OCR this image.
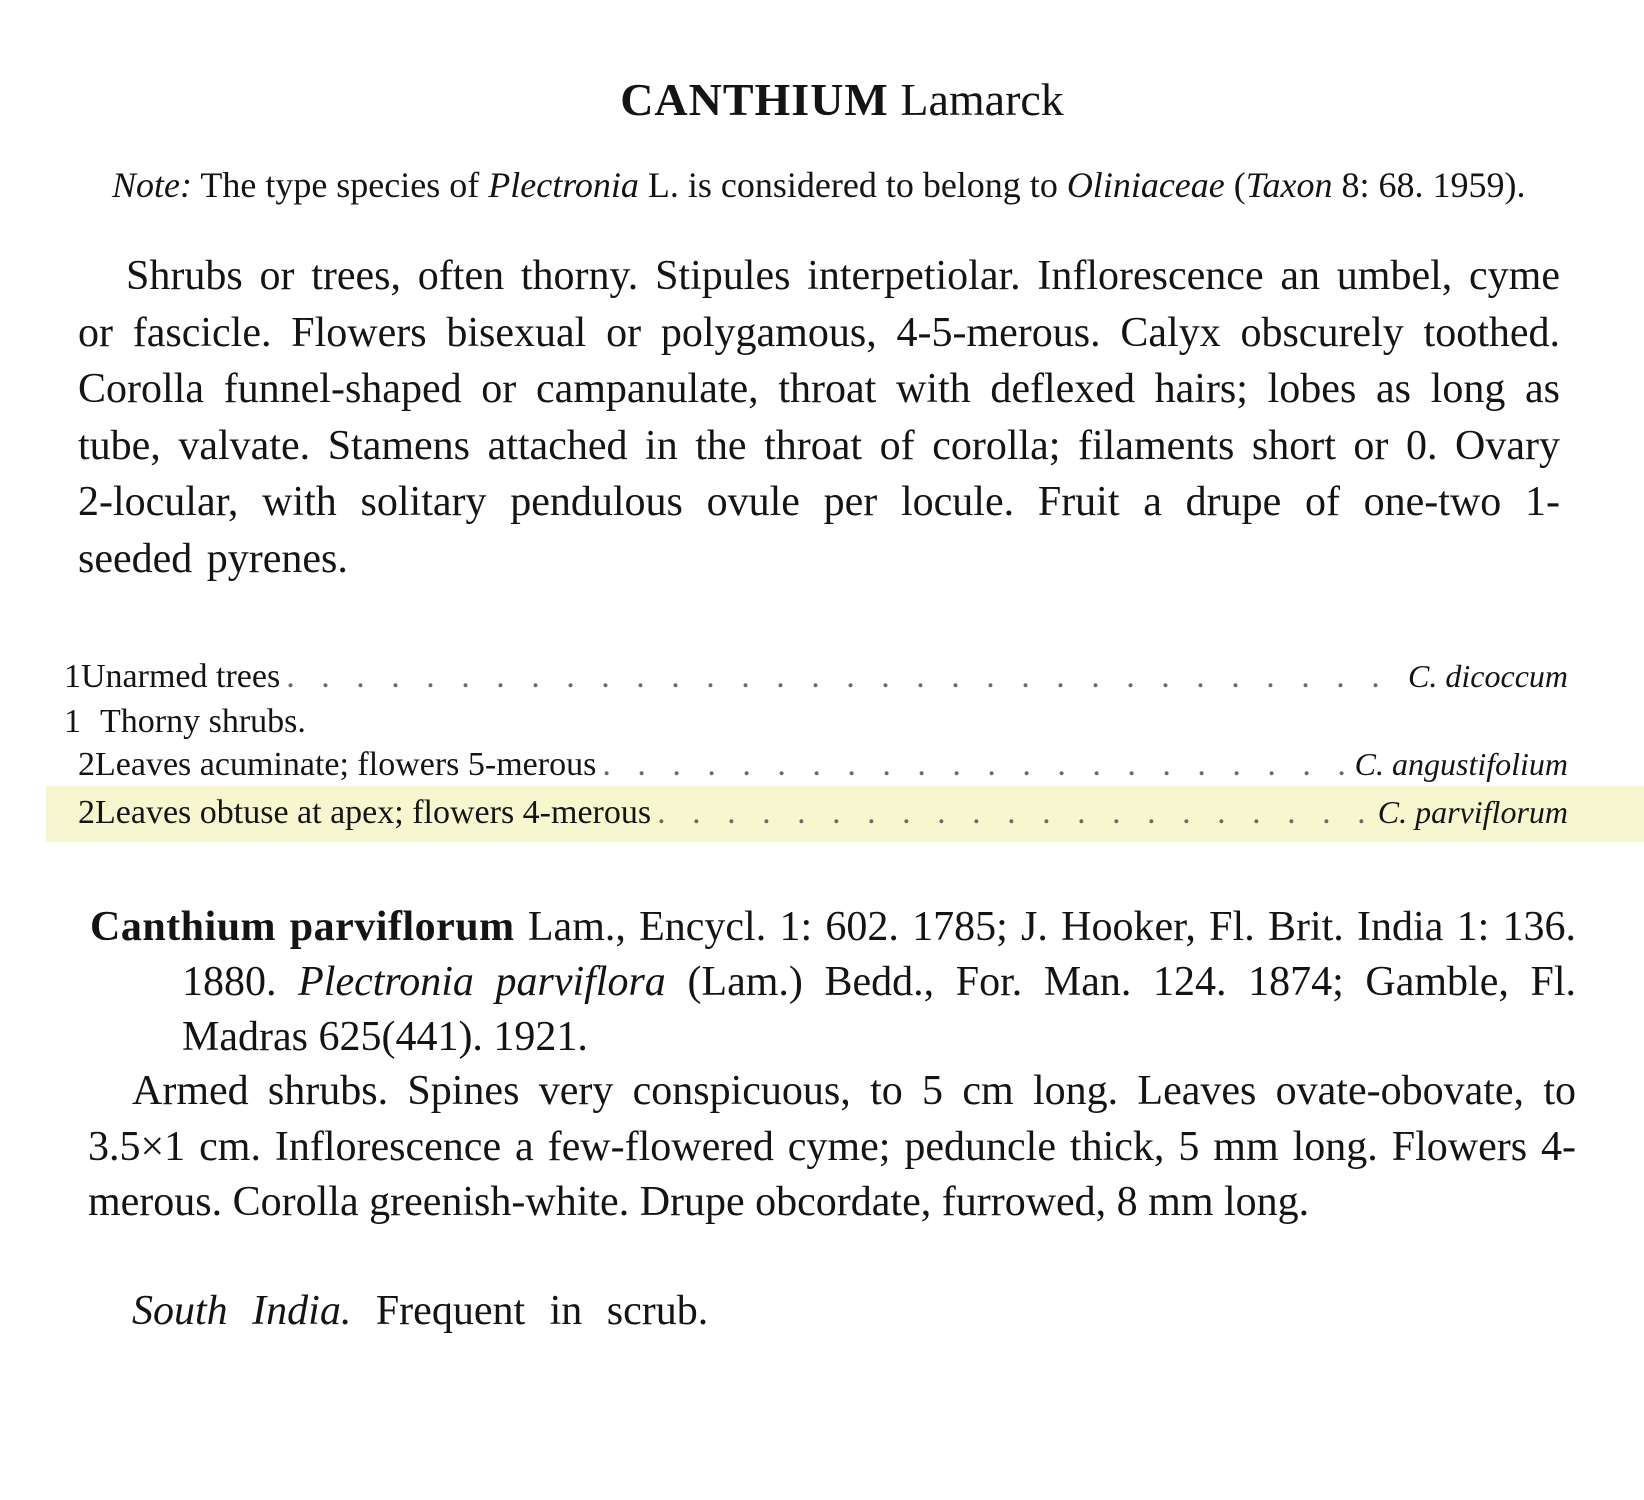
CANTHIUM Lamarck
Note: The type species of Plectronia L. is considered to belong to Oliniaceae (Taxon 8: 68. 1959).
Shrubs or trees, often thorny. Stipules interpetiolar. Inflorescence an umbel, cyme or fascicle. Flowers bisexual or polygamous, 4-5-merous. Calyx obscurely toothed. Corolla funnel-shaped or campanulate, throat with deflexed hairs; lobes as long as tube, valvate. Stamens attached in the throat of corolla; filaments short or 0. Ovary 2-locular, with solitary pendulous ovule per locule. Fruit a drupe of one-two 1-seeded pyrenes.
1 Unarmed trees . . .	C. dicoccum
1 Thorny shrubs.
2 Leaves acuminate; flowers 5-merous . . .	C. angustifolium
2 Leaves obtuse at apex; flowers 4-merous . . .	C. parviflorum
Canthium parviflorum Lam., Encycl. 1: 602. 1785; J. Hooker, Fl. Brit. India 1: 136. 1880. Plectronia parviflora (Lam.) Bedd., For. Man. 124. 1874; Gamble, Fl. Madras 625(441). 1921.
Armed shrubs. Spines very conspicuous, to 5 cm long. Leaves ovate-obovate, to 3.5×1 cm. Inflorescence a few-flowered cyme; peduncle thick, 5 mm long. Flowers 4-merous. Corolla greenish-white. Drupe obcordate, furrowed, 8 mm long.
South India. Frequent in scrub.
